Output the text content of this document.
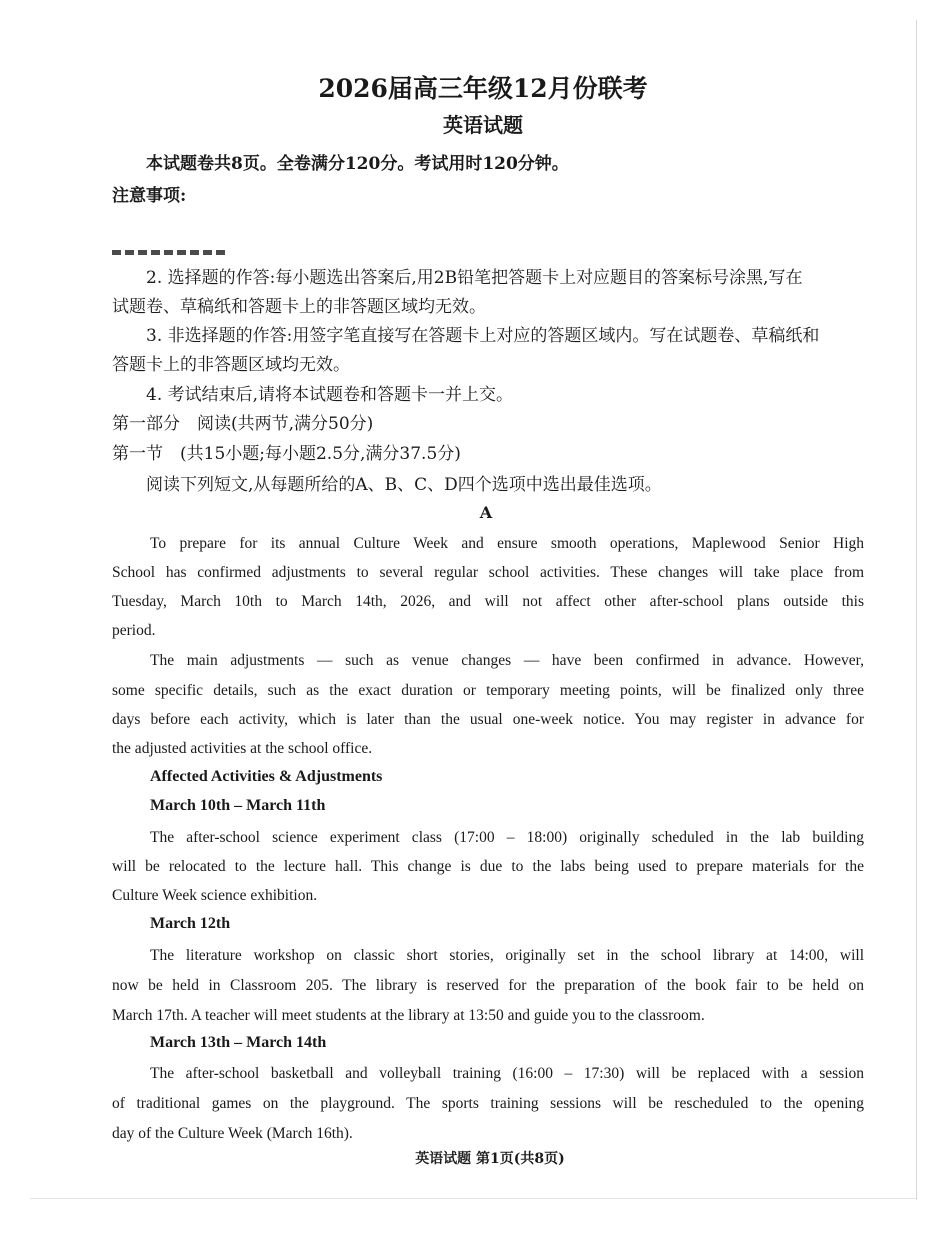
2026届高三年级12月份联考
英语试题
本试题卷共8页。全卷满分120分。考试用时120分钟。
注意事项:
2. 选择题的作答:每小题选出答案后,用2B铅笔把答题卡上对应题目的答案标号涂黑,写在
试题卷、草稿纸和答题卡上的非答题区域均无效。
3. 非选择题的作答:用签字笔直接写在答题卡上对应的答题区域内。写在试题卷、草稿纸和
答题卡上的非答题区域均无效。
4. 考试结束后,请将本试题卷和答题卡一并上交。
第一部分　阅读(共两节,满分50分)
第一节　(共15小题;每小题2.5分,满分37.5分)
阅读下列短文,从每题所给的A、B、C、D四个选项中选出最佳选项。
A
To prepare for its annual Culture Week and ensure smooth operations, Maplewood Senior High
School has confirmed adjustments to several regular school activities. These changes will take place from
Tuesday, March 10th to March 14th, 2026, and will not affect other after-school plans outside this
period.
The main adjustments — such as venue changes — have been confirmed in advance. However,
some specific details, such as the exact duration or temporary meeting points, will be finalized only three
days before each activity, which is later than the usual one-week notice. You may register in advance for
the adjusted activities at the school office.
Affected Activities & Adjustments
March 10th – March 11th
The after-school science experiment class (17:00 – 18:00) originally scheduled in the lab building
will be relocated to the lecture hall. This change is due to the labs being used to prepare materials for the
Culture Week science exhibition.
March 12th
The literature workshop on classic short stories, originally set in the school library at 14:00, will
now be held in Classroom 205. The library is reserved for the preparation of the book fair to be held on
March 17th. A teacher will meet students at the library at 13:50 and guide you to the classroom.
March 13th – March 14th
The after-school basketball and volleyball training (16:00 – 17:30) will be replaced with a session
of traditional games on the playground. The sports training sessions will be rescheduled to the opening
day of the Culture Week (March 16th).
英语试题 第1页(共8页)
